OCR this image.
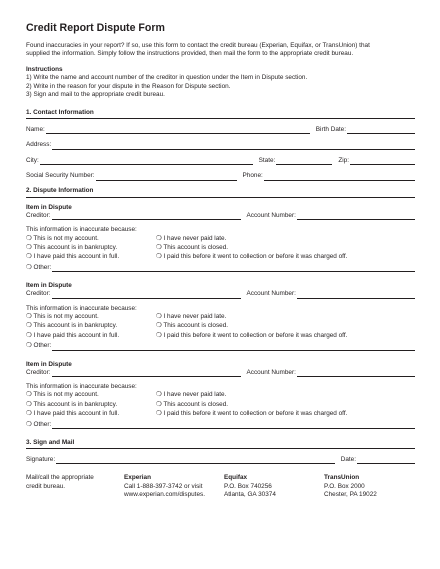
Credit Report Dispute Form

Found inaccuracies in your report? If so, use this form to contact the credit bureau (Experian, Equifax, or TransUnion) that

supplied the information. Simply follow the instructions provided, then mail the form to the appropriate credit bureau.

Instructions

1) Write the name and account number of the creditor in question under the Item in Dispute section.

2) Write in the reason for your dispute in the Reason for Dispute section.

3) Sign and mail to the appropriate credit bureau.

1. Contact Information
Name:	Birth Date:
Address:
City:	State:	Zip:
Social Security Number:	Phone:
2. Dispute Information
Item in Dispute
Creditor:	Account Number:
This information is inaccurate because:
❍ This is not my account.	❍ I have never paid late.
❍ This account is in bankruptcy.	❍ This account is closed.
❍ I have paid this account in full.	❍ I paid this before it went to collection or before it was charged off.
❍ Other:
Item in Dispute
Creditor:	Account Number:
This information is inaccurate because:
❍ This is not my account.	❍ I have never paid late.
❍ This account is in bankruptcy.	❍ This account is closed.
❍ I have paid this account in full.	❍ I paid this before it went to collection or before it was charged off.
❍ Other:
Item in Dispute
Creditor:	Account Number:
This information is inaccurate because:
❍ This is not my account.	❍ I have never paid late.
❍ This account is in bankruptcy.	❍ This account is closed.
❍ I have paid this account in full.	❍ I paid this before it went to collection or before it was charged off.
❍ Other:
3. Sign and Mail
Signature:	Date:
Mail/call the appropriate
credit bureau.
Experian
Call 1-888-397-3742 or visit
www.experian.com/disputes.
Equifax
P.O. Box 740256
Atlanta, GA 30374
TransUnion
P.O. Box 2000
Chester, PA 19022
